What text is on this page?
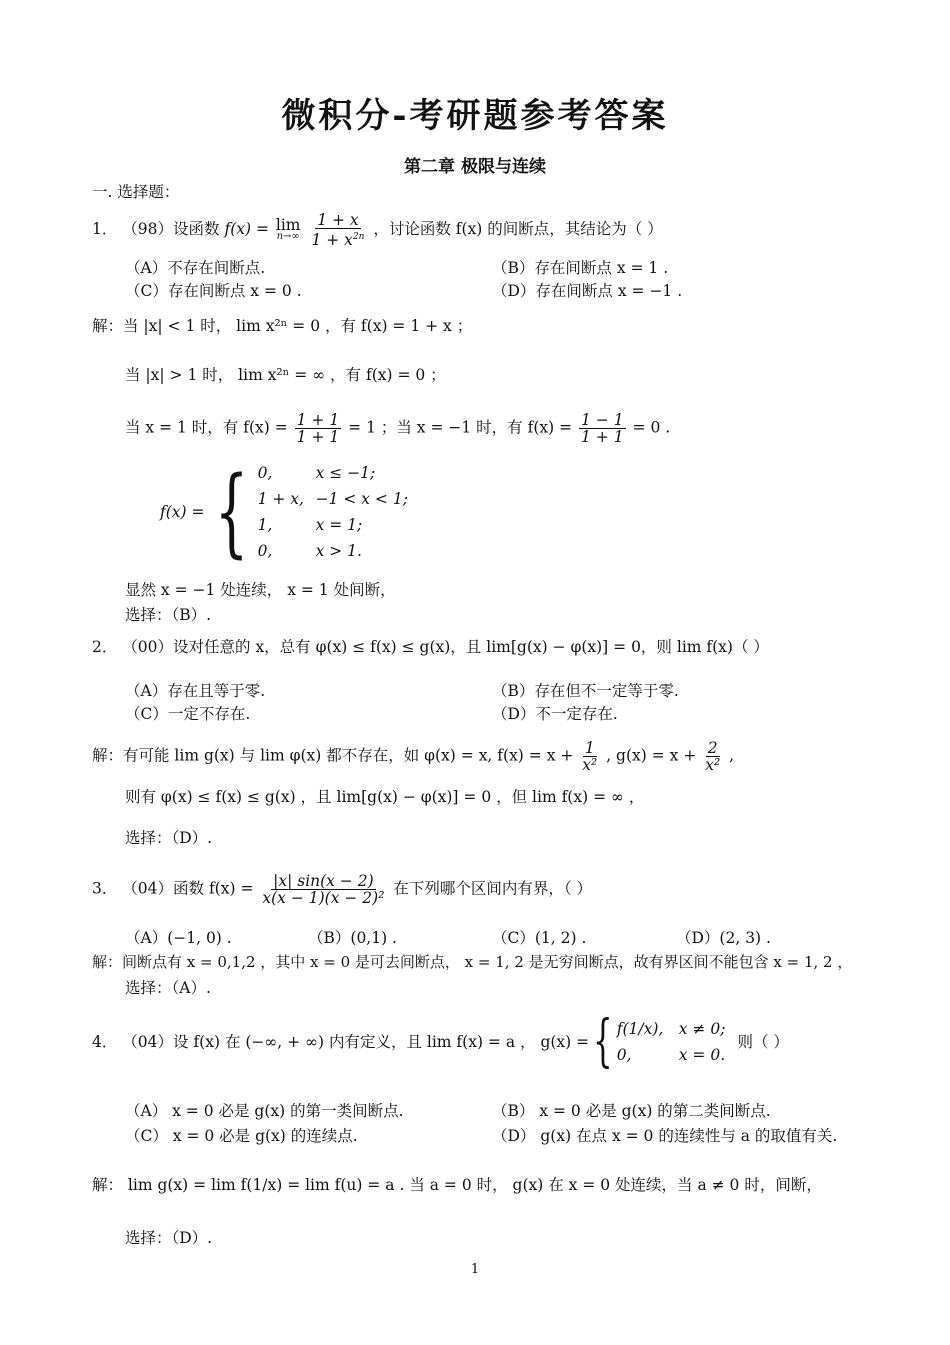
微积分-考研题参考答案
第二章 极限与连续
一. 选择题：
1． （98）设函数 f(x) = lim
n→∞
$\frac{1 + x}{1 + x^{2n}}$ ，讨论函数 f(x) 的间断点，其结论为（ ）
（A）不存在间断点.	（B）存在间断点 x = 1 .
（C）存在间断点 x = 0 .	（D）存在间断点 x = −1 .
解：当 |x| < 1 时， lim x²ⁿ = 0 ，有 f(x) = 1 + x ；
当 |x| > 1 时， lim x²ⁿ = ∞ ，有 f(x) = 0 ；
当 x = 1 时，有 $f(x) = \frac{1 + 1}{1 + 1} = 1$ ；当 x = −1 时，有 $f(x) = \frac{1 - 1}{1 + 1} = 0$ .
f(x) = { 0,	x ≤ −1;
1 + x, −1 < x < 1;
1,	x = 1;
0,	x > 1.
显然 x = −1 处连续， x = 1 处间断，
选择：（B）.
2． （00）设对任意的 x，总有 φ(x) ≤ f(x) ≤ g(x)，且 lim[g(x) − φ(x)] = 0，则 lim f(x)（ ）
（A）存在且等于零.	（B）存在但不一定等于零.
（C）一定不存在.	（D）不一定存在.
解：有可能 lim g(x) 与 lim φ(x) 都不存在，如 φ(x) = x, $f(x) = x + \frac{1}{\text{x²}}$ , $g(x) = x + \frac{2}{\text{x²}}$ ,
则有 φ(x) ≤ f(x) ≤ g(x) ，且 lim[g(x) − φ(x)] = 0 ，但 lim f(x) = ∞ ，
选择：（D）.
3． （04）函数 $f(x) = \frac{|x| \sin(x - 2)}{\text{x(x − 1)(x − 2)²}}$ 在下列哪个区间内有界，（ ）
（A）(−1, 0) .	（B）(0,1) .	（C）(1, 2) .	（D）(2, 3) .
解：间断点有 x = 0,1,2 ，其中 x = 0 是可去间断点， x = 1, 2 是无穷间断点，故有界区间不能包含 x = 1, 2 ，
选择：（A）.
4． （04）设 f(x) 在 (−∞, + ∞) 内有定义，且 lim f(x) = a ， g(x) = { f(1/x), x ≠ 0;
0,	x = 0.
则（ ）
（A） x = 0 必是 g(x) 的第一类间断点.	（B） x = 0 必是 g(x) 的第二类间断点.
（C） x = 0 必是 g(x) 的连续点.	（D） g(x) 在点 x = 0 的连续性与 a 的取值有关.
解： lim g(x) = lim f(1/x) = lim f(u) = a . 当 a = 0 时， g(x) 在 x = 0 处连续，当 a ≠ 0 时，间断，
选择：（D）.
1
